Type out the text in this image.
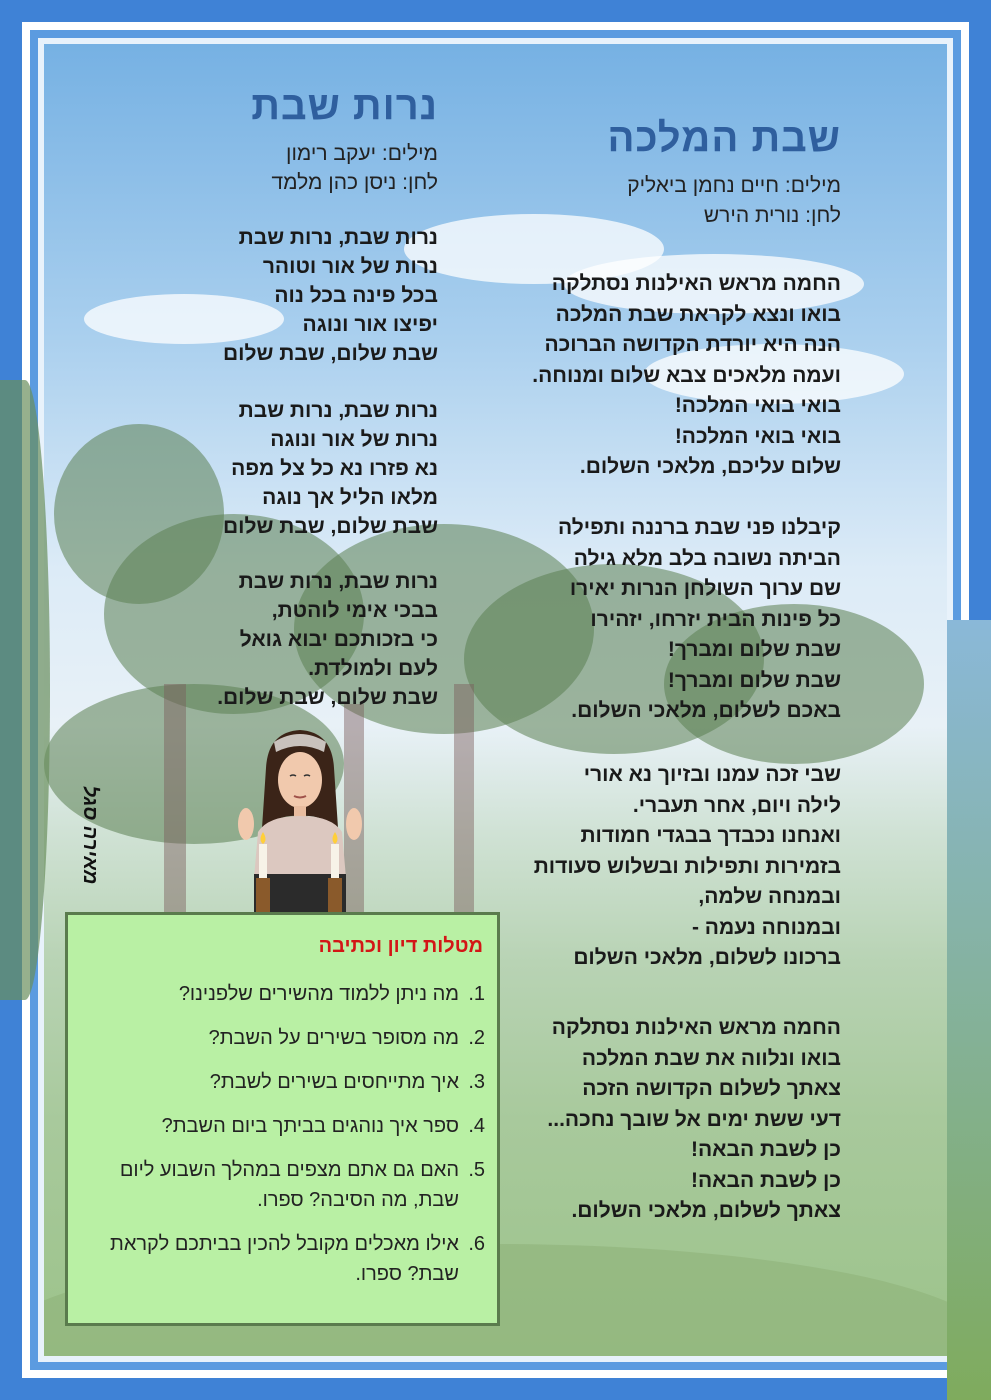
שבת המלכה
מילים: חיים נחמן ביאליק
לחן: נורית הירש
החמה מראש האילנות נסתלקה
בואו ונצא לקראת שבת המלכה
הנה היא יורדת הקדושה הברוכה
ועמה מלאכים צבא שלום ומנוחה.
בואי בואי המלכה!
בואי בואי המלכה!
שלום עליכם, מלאכי השלום.
קיבלנו פני שבת ברננה ותפילה
הביתה נשובה בלב מלא גילה
שם ערוך השולחן הנרות יאירו
כל פינות הבית יזרחו, יזהירו
שבת שלום ומברך!
שבת שלום ומברך!
באכם לשלום, מלאכי השלום.
שבי זכה עמנו ובזיוך נא אורי
לילה ויום, אחר תעברי.
ואנחנו נכבדך בבגדי חמודות
בזמירות ותפילות ובשלוש סעודות
ובמנחה שלמה,
ובמנוחה נעמה -
ברכונו לשלום, מלאכי השלום
החמה מראש האילנות נסתלקה
בואו ונלווה את שבת המלכה
צאתך לשלום הקדושה הזכה
דעי ששת ימים אל שובך נחכה...
כן לשבת הבאה!
כן לשבת הבאה!
צאתך לשלום, מלאכי השלום.
נרות שבת
מילים: יעקב רימון
לחן: ניסן כהן מלמד
נרות שבת, נרות שבת
נרות של אור וטוהר
בכל פינה בכל נוה
יפיצו אור ונוגה
שבת שלום, שבת שלום
נרות שבת, נרות שבת
נרות של אור ונוגה
נא פזרו נא כל צל מפה
מלאו הליל אך נוגה
שבת שלום, שבת שלום
נרות שבת, נרות שבת
בבכי אימי לוהטת,
כי בזכותכם יבוא גואל
לעם ולמולדת.
שבת שלום, שבת שלום.
מאירה סגל
מטלות דיון וכתיבה
1.
מה ניתן ללמוד מהשירים שלפנינו?
2.
מה מסופר בשירים על השבת?
3.
איך מתייחסים בשירים לשבת?
4.
ספר איך נוהגים בביתך ביום השבת?
5.
האם גם אתם מצפים במהלך השבוע ליום שבת, מה הסיבה? ספרו.
6.
אילו מאכלים מקובל להכין בביתכם לקראת שבת? ספרו.
